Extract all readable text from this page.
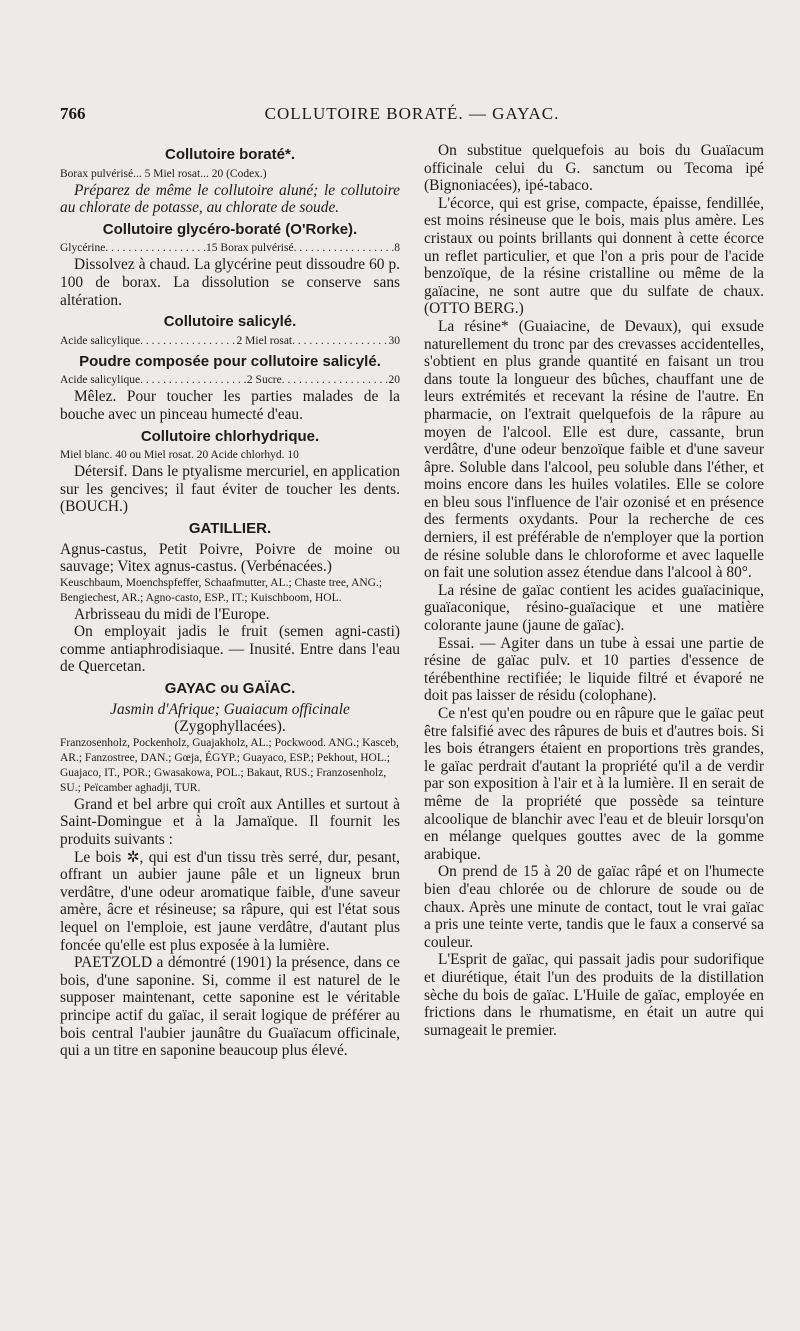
766	COLLUTOIRE BORATÉ. — GAYAC.
Collutoire boraté*.
Borax pulvérisé... 5 Miel rosat... 20 (Codex.)

Préparez de même le collutoire aluné; le collutoire au chlorate de potasse, au chlorate de soude.

Collutoire glycéro-boraté (O'Rorke).
Glycérine . . .	15 Borax pulvérisé . . .	8

Dissolvez à chaud. La glycérine peut dissoudre 60 p. 100 de borax. La dissolution se conserve sans altération.

Collutoire salicylé.
Acide salicylique . . .	2 Miel rosat . . .	30
Poudre composée pour collutoire salicylé.
Acide salicylique . . .	2 Sucre . . .	20

Mêlez. Pour toucher les parties malades de la bouche avec un pinceau humecté d'eau.

Collutoire chlorhydrique.
Miel blanc. 40 ou Miel rosat. 20 Acide chlorhyd. 10

Détersif. Dans le ptyalisme mercuriel, en application sur les gencives; il faut éviter de toucher les dents. (BOUCH.)

GATILLIER.

Agnus-castus, Petit Poivre, Poivre de moine ou sauvage; Vitex agnus-castus. (Verbénacées.)

Keuschbaum, Moenchspfeffer, Schaafmutter, AL.; Chaste tree, ANG.; Bengiechest, AR.; Agno-casto, ESP., IT.; Kuischboom, HOL.

Arbrisseau du midi de l'Europe.

On employait jadis le fruit (semen agni-casti) comme antiaphrodisiaque. — Inusité. Entre dans l'eau de Quercetan.

GAYAC ou GAÏAC.
Jasmin d'Afrique; Guaiacum officinale
(Zygophyllacées).
Franzosenholz, Pockenholz, Guajakholz, AL.; Pockwood. ANG.; Kasceb, AR.; Fanzostree, DAN.; Gœja, ÉGYP.; Guayaco, ESP.; Pekhout, HOL.; Guajaco, IT., POR.; Gwasakowa, POL.; Bakaut, RUS.; Franzosenholz, SU.; Peïcamber aghadji, TUR.

Grand et bel arbre qui croît aux Antilles et surtout à Saint-Domingue et à la Jamaïque. Il fournit les produits suivants :

Le bois ✲, qui est d'un tissu très serré, dur, pesant, offrant un aubier jaune pâle et un ligneux brun verdâtre, d'une odeur aromatique faible, d'une saveur amère, âcre et résineuse; sa râpure, qui est l'état sous lequel on l'emploie, est jaune verdâtre, d'autant plus foncée qu'elle est plus exposée à la lumière.

PAETZOLD a démontré (1901) la présence, dans ce bois, d'une saponine. Si, comme il est naturel de le supposer maintenant, cette saponine est le véritable principe actif du gaïac, il serait logique de préférer au bois central l'aubier jaunâtre du Guaïacum officinale, qui a un titre en saponine beaucoup plus élevé.

On substitue quelquefois au bois du Guaïacum officinale celui du G. sanctum ou Tecoma ipé (Bignoniacées), ipé-tabaco.

L'écorce, qui est grise, compacte, épaisse, fendillée, est moins résineuse que le bois, mais plus amère. Les cristaux ou points brillants qui donnent à cette écorce un reflet particulier, et que l'on a pris pour de l'acide benzoïque, de la résine cristalline ou même de la gaïacine, ne sont autre que du sulfate de chaux. (OTTO BERG.)

La résine* (Guaiacine, de Devaux), qui exsude naturellement du tronc par des crevasses accidentelles, s'obtient en plus grande quantité en faisant un trou dans toute la longueur des bûches, chauffant une de leurs extrémités et recevant la résine de l'autre. En pharmacie, on l'extrait quelquefois de la râpure au moyen de l'alcool. Elle est dure, cassante, brun verdâtre, d'une odeur benzoïque faible et d'une saveur âpre. Soluble dans l'alcool, peu soluble dans l'éther, et moins encore dans les huiles volatiles. Elle se colore en bleu sous l'influence de l'air ozonisé et en présence des ferments oxydants. Pour la recherche de ces derniers, il est préférable de n'employer que la portion de résine soluble dans le chloroforme et avec laquelle on fait une solution assez étendue dans l'alcool à 80°.

La résine de gaïac contient les acides guaïacinique, guaïaconique, résino-guaïacique et une matière colorante jaune (jaune de gaïac).

Essai. — Agiter dans un tube à essai une partie de résine de gaïac pulv. et 10 parties d'essence de térébenthine rectifiée; le liquide filtré et évaporé ne doit pas laisser de résidu (colophane).

Ce n'est qu'en poudre ou en râpure que le gaïac peut être falsifié avec des râpures de buis et d'autres bois. Si les bois étrangers étaient en proportions très grandes, le gaïac perdrait d'autant la propriété qu'il a de verdir par son exposition à l'air et à la lumière. Il en serait de même de la propriété que possède sa teinture alcoolique de blanchir avec l'eau et de bleuir lorsqu'on en mélange quelques gouttes avec de la gomme arabique.

On prend de 15 à 20 de gaïac râpé et on l'humecte bien d'eau chlorée ou de chlorure de soude ou de chaux. Après une minute de contact, tout le vrai gaïac a pris une teinte verte, tandis que le faux a conservé sa couleur.

L'Esprit de gaïac, qui passait jadis pour sudorifique et diurétique, était l'un des produits de la distillation sèche du bois de gaïac. L'Huile de gaïac, employée en frictions dans le rhumatisme, en était un autre qui surnageait le premier.
